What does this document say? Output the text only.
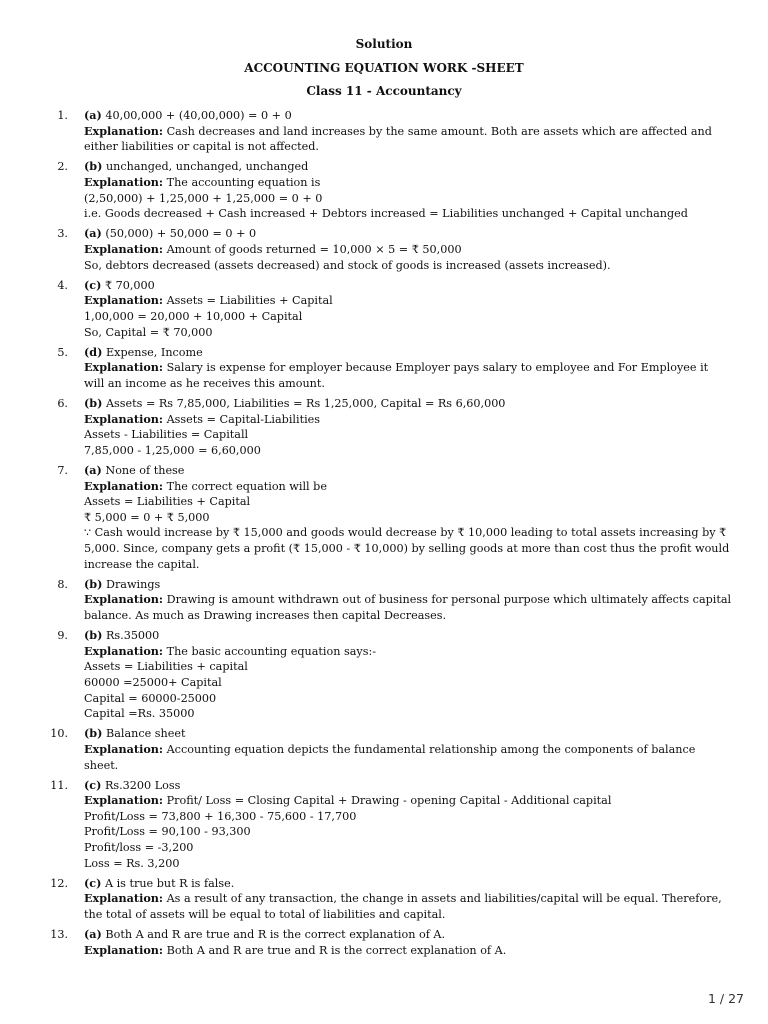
Solution
ACCOUNTING EQUATION WORK -SHEET
Class 11 - Accountancy
1. (a) 40,00,000 + (40,00,000) = 0 + 0
Explanation: Cash decreases and land increases by the same amount. Both are assets which are affected and either liabilities or capital is not affected.
2. (b) unchanged, unchanged, unchanged
Explanation: The accounting equation is
(2,50,000) + 1,25,000 + 1,25,000 = 0 + 0
i.e. Goods decreased + Cash increased + Debtors increased = Liabilities unchanged + Capital unchanged
3. (a) (50,000) + 50,000 = 0 + 0
Explanation: Amount of goods returned = 10,000 × 5 = ₹ 50,000
So, debtors decreased (assets decreased) and stock of goods is increased (assets increased).
4. (c) ₹ 70,000
Explanation: Assets = Liabilities + Capital
1,00,000 = 20,000 + 10,000 + Capital
So, Capital = ₹ 70,000
5. (d) Expense, Income
Explanation: Salary is expense for employer because Employer pays salary to employee and For Employee it will an income as he receives this amount.
6. (b) Assets = Rs 7,85,000, Liabilities = Rs 1,25,000, Capital = Rs 6,60,000
Explanation: Assets = Capital-Liabilities
Assets - Liabilities = Capitall
7,85,000 - 1,25,000 = 6,60,000
7. (a) None of these
Explanation: The correct equation will be
Assets = Liabilities + Capital
₹ 5,000 = 0 + ₹ 5,000
∵ Cash would increase by ₹ 15,000 and goods would decrease by ₹ 10,000 leading to total assets increasing by ₹ 5,000. Since, company gets a profit (₹ 15,000 - ₹ 10,000) by selling goods at more than cost thus the profit would increase the capital.
8. (b) Drawings
Explanation: Drawing is amount withdrawn out of business for personal purpose which ultimately affects capital balance. As much as Drawing increases then capital Decreases.
9. (b) Rs.35000
Explanation: The basic accounting equation says:-
Assets = Liabilities + capital
60000 =25000+ Capital
Capital = 60000-25000
Capital =Rs. 35000
10. (b) Balance sheet
Explanation: Accounting equation depicts the fundamental relationship among the components of balance sheet.
11. (c) Rs.3200 Loss
Explanation: Profit/ Loss = Closing Capital + Drawing - opening Capital - Additional capital
Profit/Loss = 73,800 + 16,300 - 75,600 - 17,700
Profit/Loss = 90,100 - 93,300
Profit/loss = -3,200
Loss = Rs. 3,200
12. (c) A is true but R is false.
Explanation: As a result of any transaction, the change in assets and liabilities/capital will be equal. Therefore, the total of assets will be equal to total of liabilities and capital.
13. (a) Both A and R are true and R is the correct explanation of A.
Explanation: Both A and R are true and R is the correct explanation of A.
1 / 27
